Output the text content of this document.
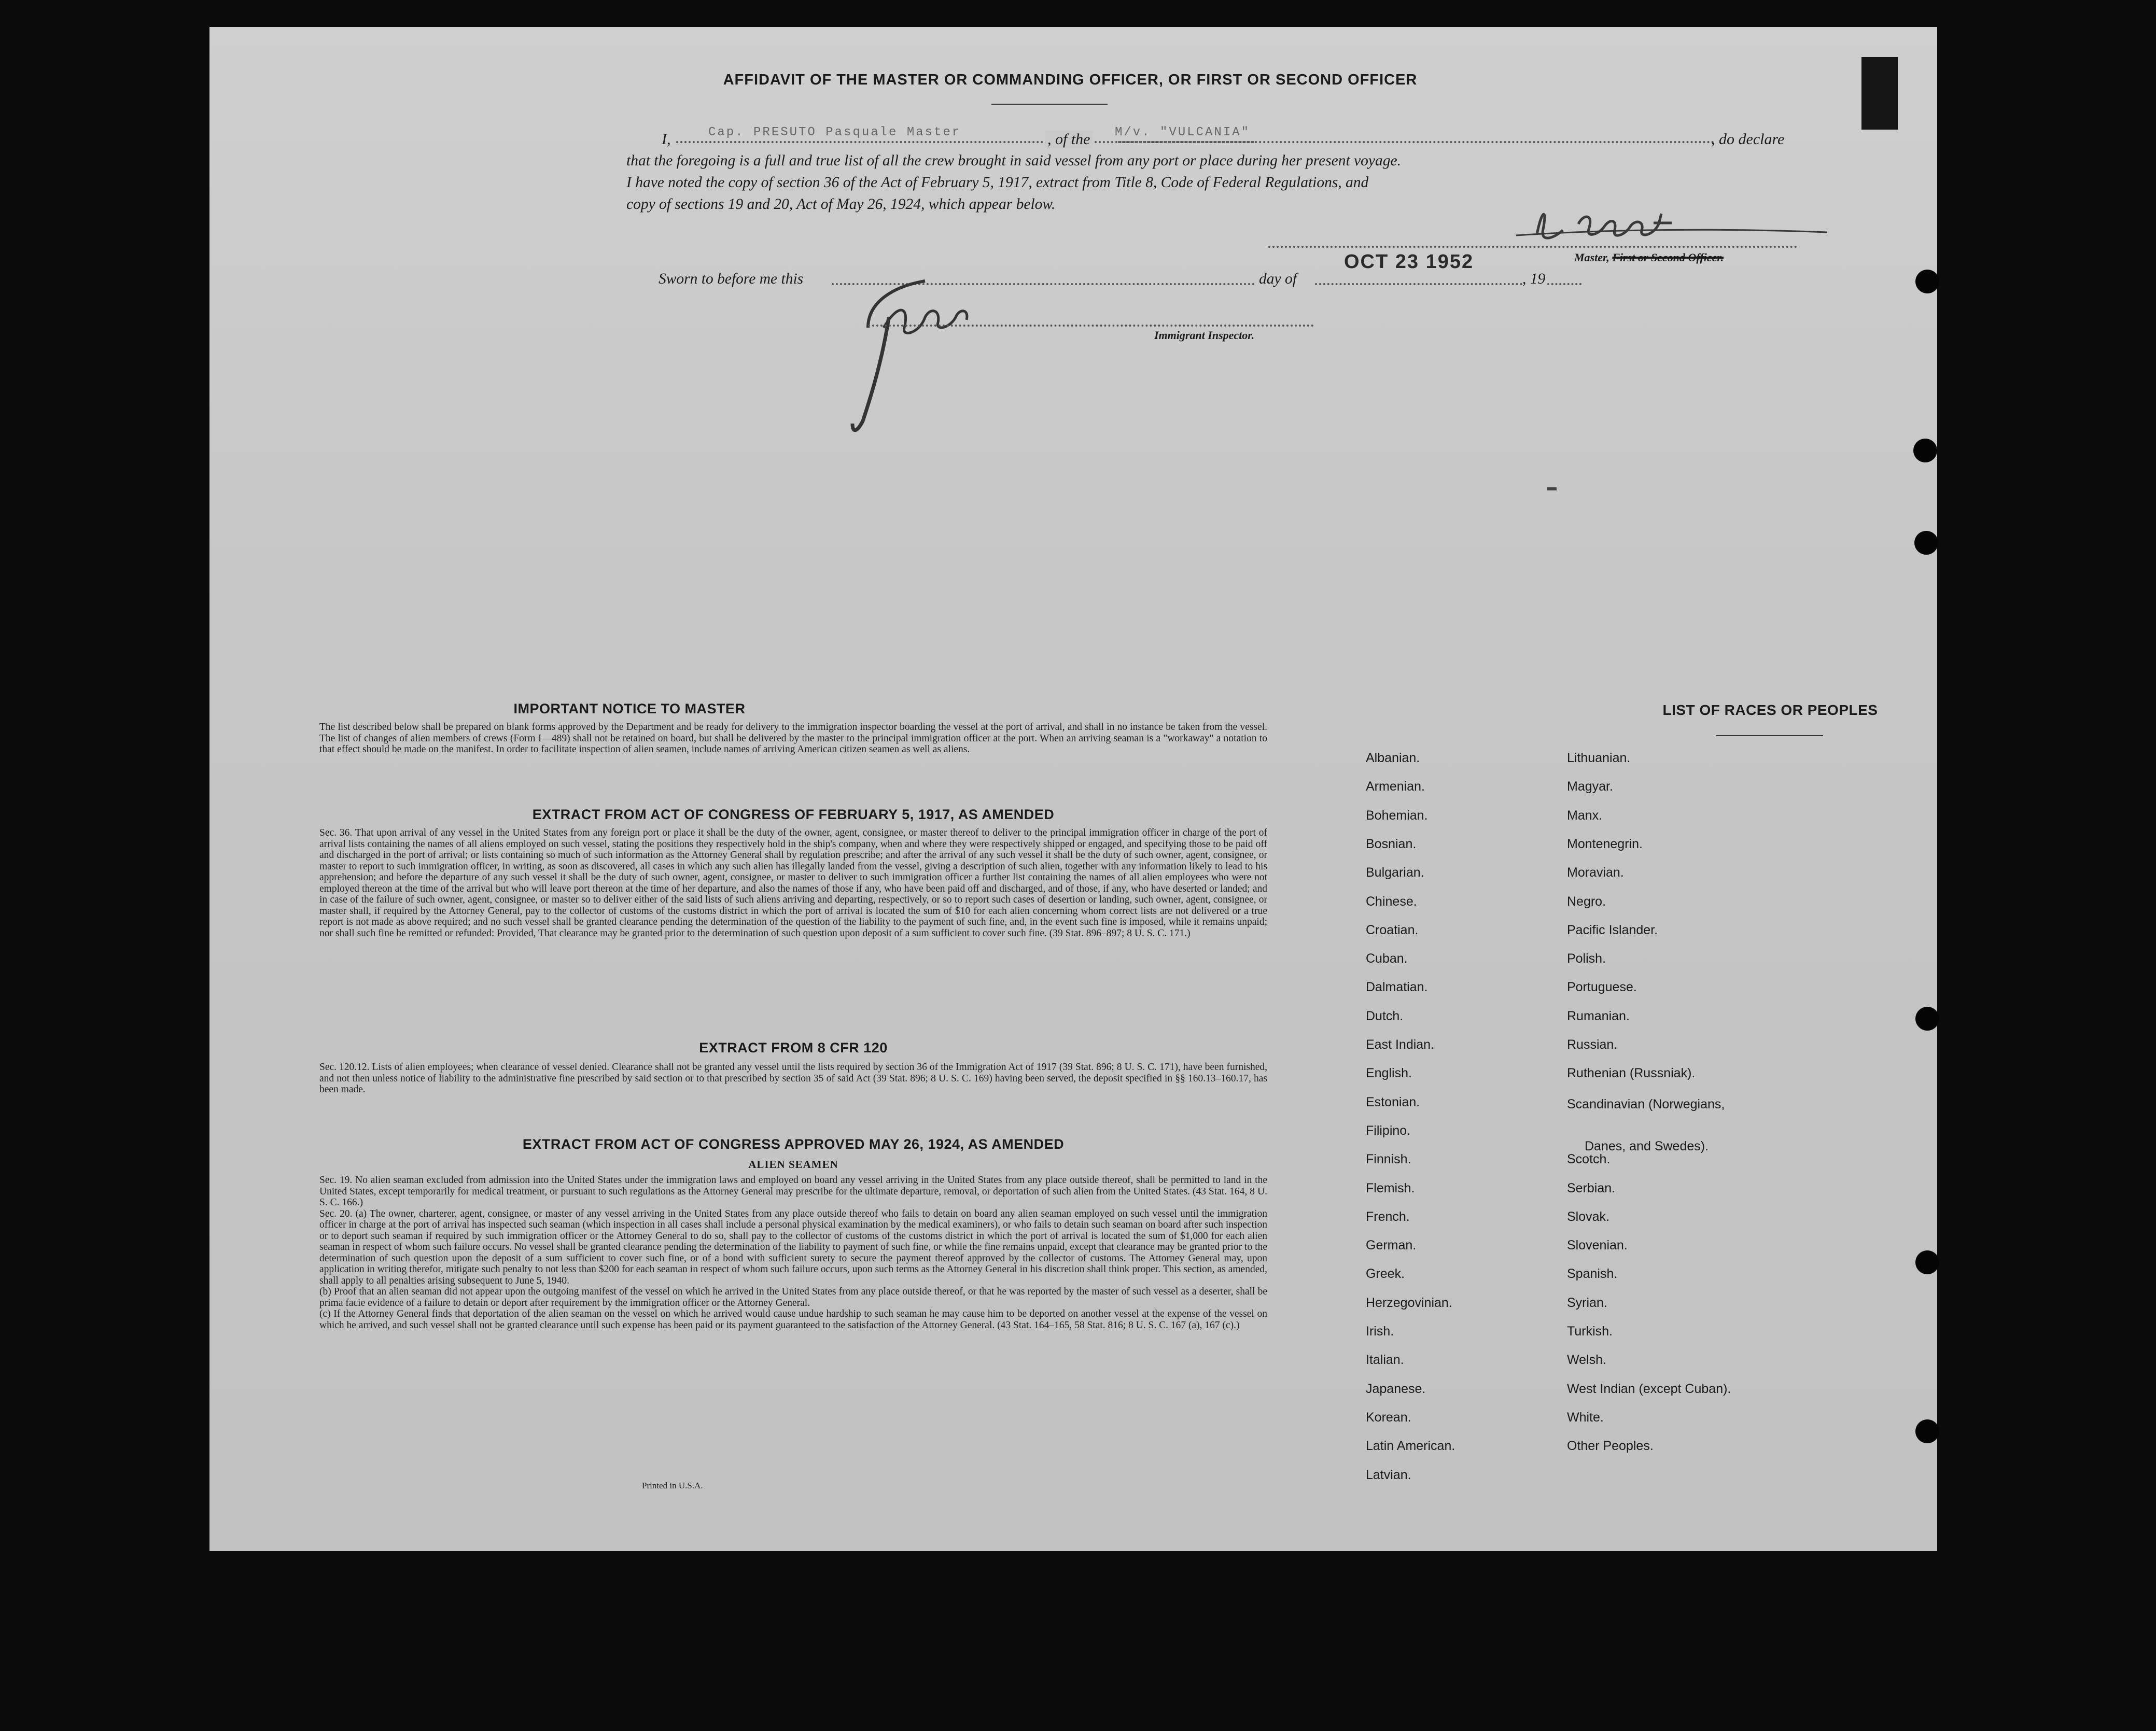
AFFIDAVIT OF THE MASTER OR COMMANDING OFFICER, OR FIRST OR SECOND OFFICER
I,	Cap. PRESUTO Pasquale Master	, of the M/v. "VULCANIA"	, do declare
that the foregoing is a full and true list of all the crew brought in said vessel from any port or place during her present voyage.
I have noted the copy of section 36 of the Act of February 5, 1917, extract from Title 8, Code of Federal Regulations, and
copy of sections 19 and 20, Act of May 26, 1924, which appear below.
Master, First or Second Officer.
Sworn to before me this	day of
OCT 23 1952
, 19
Immigrant Inspector.
IMPORTANT NOTICE TO MASTER
The list described below shall be prepared on blank forms approved by the Department and be ready for delivery to the immigration inspector boarding the vessel at the port of arrival, and shall in no instance be taken from the vessel. The list of changes of alien members of crews (Form I—489) shall not be retained on board, but shall be delivered by the master to the principal immigration officer at the port. When an arriving seaman is a "workaway" a notation to that effect should be made on the manifest. In order to facilitate inspection of alien seamen, include names of arriving American citizen seamen as well as aliens.
EXTRACT FROM ACT OF CONGRESS OF FEBRUARY 5, 1917, AS AMENDED
Sec. 36. That upon arrival of any vessel in the United States from any foreign port or place it shall be the duty of the owner, agent, consignee, or master thereof to deliver to the principal immigration officer in charge of the port of arrival lists containing the names of all aliens employed on such vessel, stating the positions they respectively hold in the ship's company, when and where they were respectively shipped or engaged, and specifying those to be paid off and discharged in the port of arrival; or lists containing so much of such information as the Attorney General shall by regulation prescribe; and after the arrival of any such vessel it shall be the duty of such owner, agent, consignee, or master to report to such immigration officer, in writing, as soon as discovered, all cases in which any such alien has illegally landed from the vessel, giving a description of such alien, together with any information likely to lead to his apprehension; and before the departure of any such vessel it shall be the duty of such owner, agent, consignee, or master to deliver to such immigration officer a further list containing the names of all alien employees who were not employed thereon at the time of the arrival but who will leave port thereon at the time of her departure, and also the names of those if any, who have been paid off and discharged, and of those, if any, who have deserted or landed; and in case of the failure of such owner, agent, consignee, or master so to deliver either of the said lists of such aliens arriving and departing, respectively, or so to report such cases of desertion or landing, such owner, agent, consignee, or master shall, if required by the Attorney General, pay to the collector of customs of the customs district in which the port of arrival is located the sum of $10 for each alien concerning whom correct lists are not delivered or a true report is not made as above required; and no such vessel shall be granted clearance pending the determination of the question of the liability to the payment of such fine, and, in the event such fine is imposed, while it remains unpaid; nor shall such fine be remitted or refunded: Provided, That clearance may be granted prior to the determination of such question upon deposit of a sum sufficient to cover such fine. (39 Stat. 896–897; 8 U. S. C. 171.)
EXTRACT FROM 8 CFR 120
Sec. 120.12. Lists of alien employees; when clearance of vessel denied. Clearance shall not be granted any vessel until the lists required by section 36 of the Immigration Act of 1917 (39 Stat. 896; 8 U. S. C. 171), have been furnished, and not then unless notice of liability to the administrative fine prescribed by said section or to that prescribed by section 35 of said Act (39 Stat. 896; 8 U. S. C. 169) having been served, the deposit specified in §§ 160.13–160.17, has been made.
EXTRACT FROM ACT OF CONGRESS APPROVED MAY 26, 1924, AS AMENDED
ALIEN SEAMEN
Sec. 19. No alien seaman excluded from admission into the United States under the immigration laws and employed on board any vessel arriving in the United States from any place outside thereof, shall be permitted to land in the United States, except temporarily for medical treatment, or pursuant to such regulations as the Attorney General may prescribe for the ultimate departure, removal, or deportation of such alien from the United States. (43 Stat. 164, 8 U. S. C. 166.)
Sec. 20. (a) The owner, charterer, agent, consignee, or master of any vessel arriving in the United States from any place outside thereof who fails to detain on board any alien seaman employed on such vessel until the immigration officer in charge at the port of arrival has inspected such seaman (which inspection in all cases shall include a personal physical examination by the medical examiners), or who fails to detain such seaman on board after such inspection or to deport such seaman if required by such immigration officer or the Attorney General to do so, shall pay to the collector of customs of the customs district in which the port of arrival is located the sum of $1,000 for each alien seaman in respect of whom such failure occurs. No vessel shall be granted clearance pending the determination of the liability to payment of such fine, or while the fine remains unpaid, except that clearance may be granted prior to the determination of such question upon the deposit of a sum sufficient to cover such fine, or of a bond with sufficient surety to secure the payment thereof approved by the collector of customs. The Attorney General may, upon application in writing therefor, mitigate such penalty to not less than $200 for each seaman in respect of whom such failure occurs, upon such terms as the Attorney General in his discretion shall think proper. This section, as amended, shall apply to all penalties arising subsequent to June 5, 1940.
(b) Proof that an alien seaman did not appear upon the outgoing manifest of the vessel on which he arrived in the United States from any place outside thereof, or that he was reported by the master of such vessel as a deserter, shall be prima facie evidence of a failure to detain or deport after requirement by the immigration officer or the Attorney General.
(c) If the Attorney General finds that deportation of the alien seaman on the vessel on which he arrived would cause undue hardship to such seaman he may cause him to be deported on another vessel at the expense of the vessel on which he arrived, and such vessel shall not be granted clearance until such expense has been paid or its payment guaranteed to the satisfaction of the Attorney General. (43 Stat. 164–165, 58 Stat. 816; 8 U. S. C. 167 (a), 167 (c).)
Printed in U.S.A.
LIST OF RACES OR PEOPLES
Albanian.
Armenian.
Bohemian.
Bosnian.
Bulgarian.
Chinese.
Croatian.
Cuban.
Dalmatian.
Dutch.
East Indian.
English.
Estonian.
Filipino.
Finnish.
Flemish.
French.
German.
Greek.
Herzegovinian.
Irish.
Italian.
Japanese.
Korean.
Latin American.
Latvian.
Lithuanian.
Magyar.
Manx.
Montenegrin.
Moravian.
Negro.
Pacific Islander.
Polish.
Portuguese.
Rumanian.
Russian.
Ruthenian (Russniak).
Scandinavian (Norwegians,
Danes, and Swedes).
Scotch.
Serbian.
Slovak.
Slovenian.
Spanish.
Syrian.
Turkish.
Welsh.
West Indian (except Cuban).
White.
Other Peoples.
